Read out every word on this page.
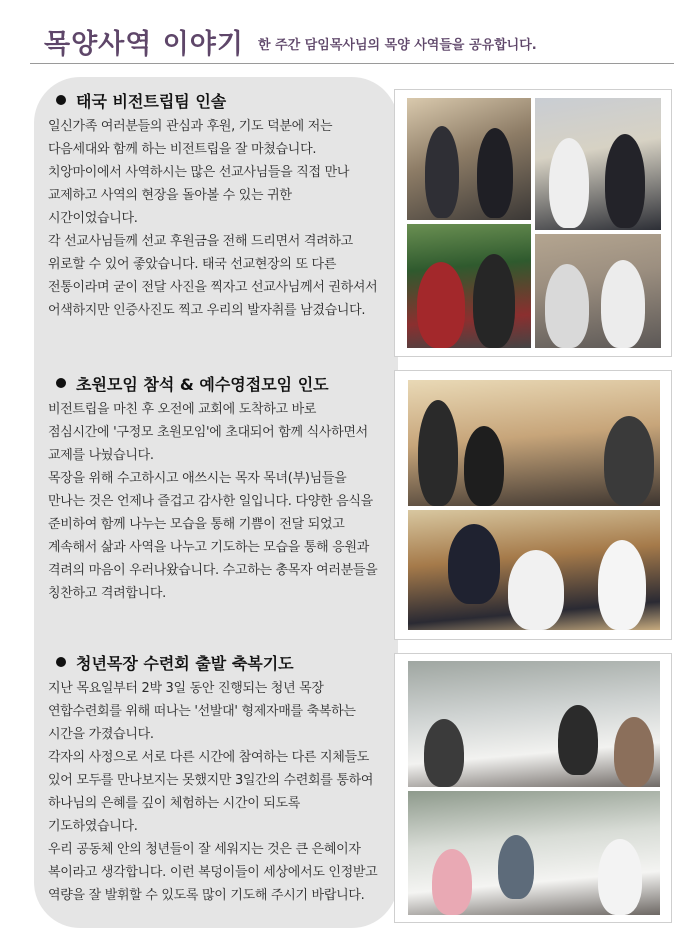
목양사역 이야기 한 주간 담임목사님의 목양 사역들을 공유합니다.
태국 비전트립팀 인솔

일신가족 여러분들의 관심과 후원, 기도 덕분에 저는 다음세대와 함께 하는 비전트립을 잘 마쳤습니다. 치앙마이에서 사역하시는 많은 선교사님들을 직접 만나 교제하고 사역의 현장을 돌아볼 수 있는 귀한 시간이었습니다.

각 선교사님들께 선교 후원금을 전해 드리면서 격려하고 위로할 수 있어 좋았습니다. 태국 선교현장의 또 다른 전통이라며 굳이 전달 사진을 찍자고 선교사님께서 권하셔서 어색하지만 인증사진도 찍고 우리의 발자취를 남겼습니다.

초원모임 참석 & 예수영접모임 인도

비전트립을 마친 후 오전에 교회에 도착하고 바로 점심시간에 '구정모 초원모임'에 초대되어 함께 식사하면서 교제를 나눴습니다.

목장을 위해 수고하시고 애쓰시는 목자 목녀(부)님들을 만나는 것은 언제나 즐겁고 감사한 일입니다. 다양한 음식을 준비하여 함께 나누는 모습을 통해 기쁨이 전달 되었고 계속해서 삶과 사역을 나누고 기도하는 모습을 통해 응원과 격려의 마음이 우러나왔습니다. 수고하는 총목자 여러분들을 칭찬하고 격려합니다.

청년목장 수련회 출발 축복기도

지난 목요일부터 2박 3일 동안 진행되는 청년 목장 연합수련회를 위해 떠나는 '선발대' 형제자매를 축복하는 시간을 가졌습니다.

각자의 사정으로 서로 다른 시간에 참여하는 다른 지체들도 있어 모두를 만나보지는 못했지만 3일간의 수련회를 통하여 하나님의 은혜를 깊이 체험하는 시간이 되도록 기도하였습니다.

우리 공동체 안의 청년들이 잘 세워지는 것은 큰 은혜이자 복이라고 생각합니다. 이런 복덩이들이 세상에서도 인정받고 역량을 잘 발휘할 수 있도록 많이 기도해 주시기 바랍니다.
